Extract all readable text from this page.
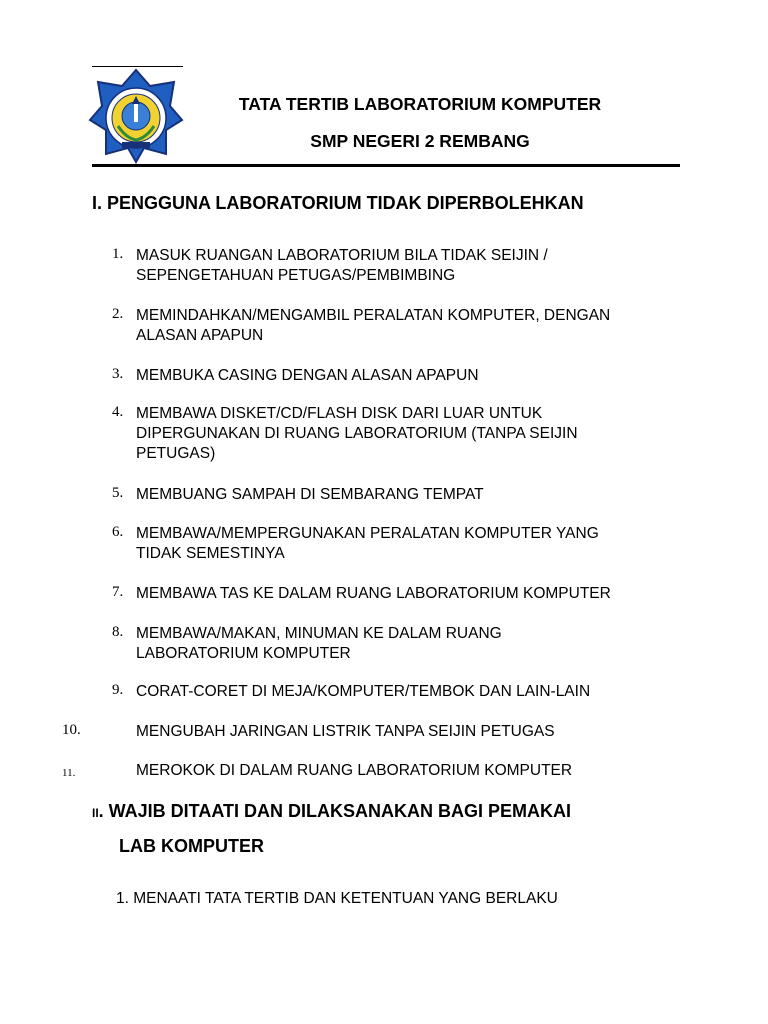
TATA TERTIB LABORATORIUM KOMPUTER
SMP NEGERI 2 REMBANG
I. PENGGUNA LABORATORIUM TIDAK DIPERBOLEHKAN
1. MASUK RUANGAN LABORATORIUM BILA TIDAK SEIJIN /
SEPENGETAHUAN PETUGAS/PEMBIMBING
2. MEMINDAHKAN/MENGAMBIL PERALATAN KOMPUTER, DENGAN
ALASAN APAPUN
3. MEMBUKA CASING DENGAN ALASAN APAPUN
4. MEMBAWA DISKET/CD/FLASH DISK DARI LUAR UNTUK
DIPERGUNAKAN DI RUANG LABORATORIUM (TANPA SEIJIN
PETUGAS)
5. MEMBUANG SAMPAH DI SEMBARANG TEMPAT
6. MEMBAWA/MEMPERGUNAKAN PERALATAN KOMPUTER YANG
TIDAK SEMESTINYA
7. MEMBAWA TAS KE DALAM RUANG LABORATORIUM KOMPUTER
8. MEMBAWA/MAKAN, MINUMAN KE DALAM RUANG
LABORATORIUM KOMPUTER
9. CORAT-CORET DI MEJA/KOMPUTER/TEMBOK DAN LAIN-LAIN
10.	MENGUBAH JARINGAN LISTRIK TANPA SEIJIN PETUGAS
11.	MEROKOK DI DALAM RUANG LABORATORIUM KOMPUTER
II. WAJIB DITAATI DAN DILAKSANAKAN BAGI PEMAKAI
LAB KOMPUTER
1. MENAATI TATA TERTIB DAN KETENTUAN YANG BERLAKU
